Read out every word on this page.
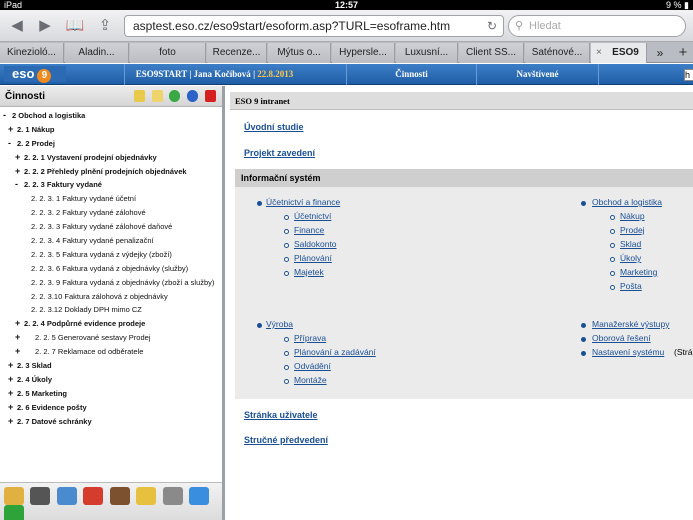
iPad	12:57	9 % ▮
◀	▶ 📖 ⇪	asptest.eso.cz/eso9start/esoform.asp?TURL=esoframe.htm	↻ ⚲ Hledat
Kinezioló...	Aladin...	foto	Recenze...	Mýtus o...	Hypersle...	Luxusní...	Client SS...	Saténové...	× ESO9	»	+
eso 9	ESO9START | Jana Kočíbová | 22.8.2013	Činnosti	Navštívené	h
Činnosti

- 2 Obchod a logistika
+ 2. 1 Nákup
- 2. 2 Prodej
+ 2. 2. 1 Vystavení prodejní objednávky
+ 2. 2. 2 Přehledy plnění prodejních objednávek
- 2. 2. 3 Faktury vydané
2. 2. 3. 1 Faktury vydané účetní
2. 2. 3. 2 Faktury vydané zálohové
2. 2. 3. 3 Faktury vydané zálohové daňové
2. 2. 3. 4 Faktury vydané penalizační
2. 2. 3. 5 Faktura vydaná z výdejky (zboží)
2. 2. 3. 6 Faktura vydaná z objednávky (služby)
2. 2. 3. 9 Faktura vydaná z objednávky (zboží a služby)
2. 2. 3.10 Faktura zálohová z objednávky
2. 2. 3.12 Doklady DPH mimo CZ
+ 2. 2. 4 Podpůrné evidence prodeje
+ 2. 2. 5 Generované sestavy Prodej
+ 2. 2. 7 Reklamace od odběratele
+ 2. 3 Sklad
+ 2. 4 Úkoly
+ 2. 5 Marketing
+ 2. 6 Evidence pošty
+ 2. 7 Datové schránky

ESO 9 intranet
Úvodní studie
Projekt zavedení
Informační systém
Účetnictví a finance
Účetnictví
Finance
Saldokonto
Plánování
Majetek
Obchod a logistika
Nákup
Prodej
Sklad
Úkoly
Marketing
Pošta
Výroba
Příprava
Plánování a zadávání
Odvádění
Montáže
Manažerské výstupy
Oborová řešení
Nastavení systému (Strá
Stránka uživatele
Stručné předvedení
